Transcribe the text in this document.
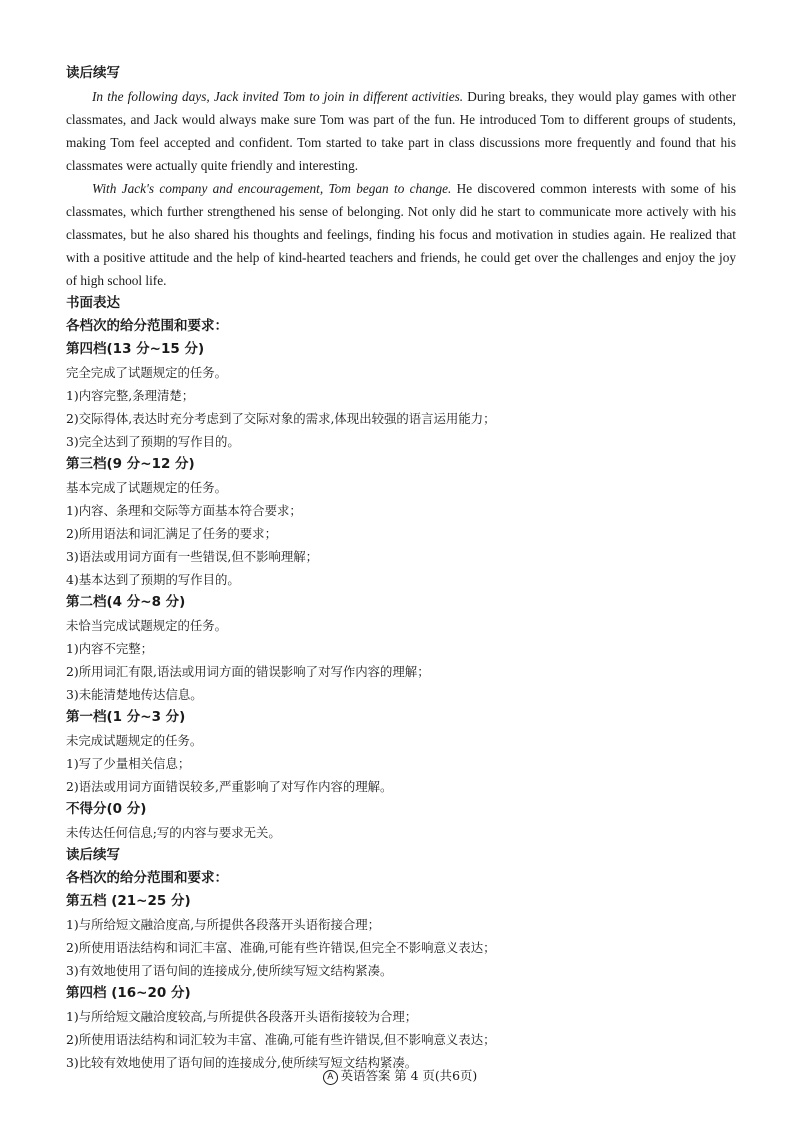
读后续写

In the following days, Jack invited Tom to join in different activities. During breaks, they would play games with other classmates, and Jack would always make sure Tom was part of the fun. He introduced Tom to different groups of students, making Tom feel accepted and confident. Tom started to take part in class discussions more frequently and found that his classmates were actually quite friendly and interesting.

With Jack's company and encouragement, Tom began to change. He discovered common interests with some of his classmates, which further strengthened his sense of belonging. Not only did he start to communicate more actively with his classmates, but he also shared his thoughts and feelings, finding his focus and motivation in studies again. He realized that with a positive attitude and the help of kind-hearted teachers and friends, he could get over the challenges and enjoy the joy of high school life.

书面表达
各档次的给分范围和要求：
第四档(13 分~15 分)
完全完成了试题规定的任务。
1)内容完整,条理清楚；
2)交际得体,表达时充分考虑到了交际对象的需求,体现出较强的语言运用能力；
3)完全达到了预期的写作目的。
第三档(9 分~12 分)
基本完成了试题规定的任务。
1)内容、条理和交际等方面基本符合要求；
2)所用语法和词汇满足了任务的要求；
3)语法或用词方面有一些错误,但不影响理解；
4)基本达到了预期的写作目的。
第二档(4 分~8 分)
未恰当完成试题规定的任务。
1)内容不完整；
2)所用词汇有限,语法或用词方面的错误影响了对写作内容的理解；
3)未能清楚地传达信息。
第一档(1 分~3 分)
未完成试题规定的任务。
1)写了少量相关信息；
2)语法或用词方面错误较多,严重影响了对写作内容的理解。
不得分(0 分)
未传达任何信息;写的内容与要求无关。
读后续写
各档次的给分范围和要求：
第五档 (21~25 分)
1)与所给短文融洽度高,与所提供各段落开头语衔接合理；
2)所使用语法结构和词汇丰富、准确,可能有些许错误,但完全不影响意义表达；
3)有效地使用了语句间的连接成分,使所续写短文结构紧凑。
第四档 (16~20 分)
1)与所给短文融洽度较高,与所提供各段落开头语衔接较为合理；
2)所使用语法结构和词汇较为丰富、准确,可能有些许错误,但不影响意义表达；
3)比较有效地使用了语句间的连接成分,使所续写短文结构紧凑。
A 英语答案 第 4 页(共6页)
